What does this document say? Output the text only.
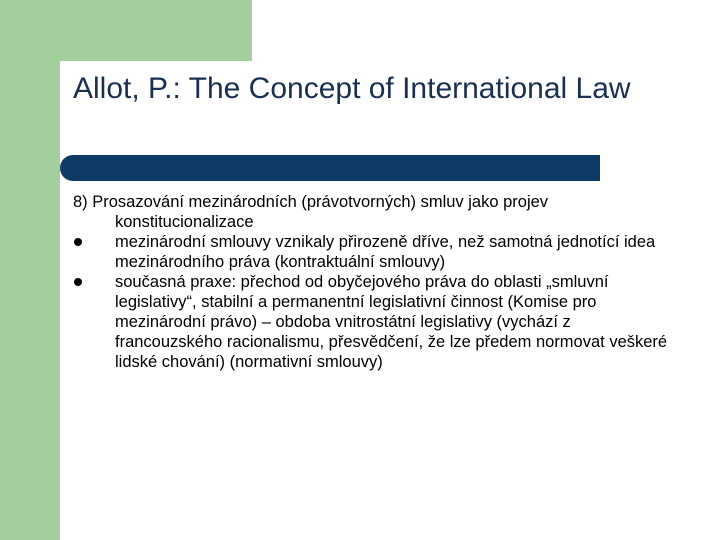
Allot, P.: The Concept of International Law

8) Prosazování mezinárodních (právotvorných) smluv jako projev konstitucionalizace

mezinárodní smlouvy vznikaly přirozeně dříve, než samotná jednotící idea mezinárodního práva (kontraktuální smlouvy)
současná praxe: přechod od obyčejového práva do oblasti „smluvní legislativy“, stabilní a permanentní legislativní činnost (Komise pro mezinárodní právo) – obdoba vnitrostátní legislativy (vychází z francouzského racionalismu, přesvědčení, že lze předem normovat veškeré lidské chování) (normativní smlouvy)
